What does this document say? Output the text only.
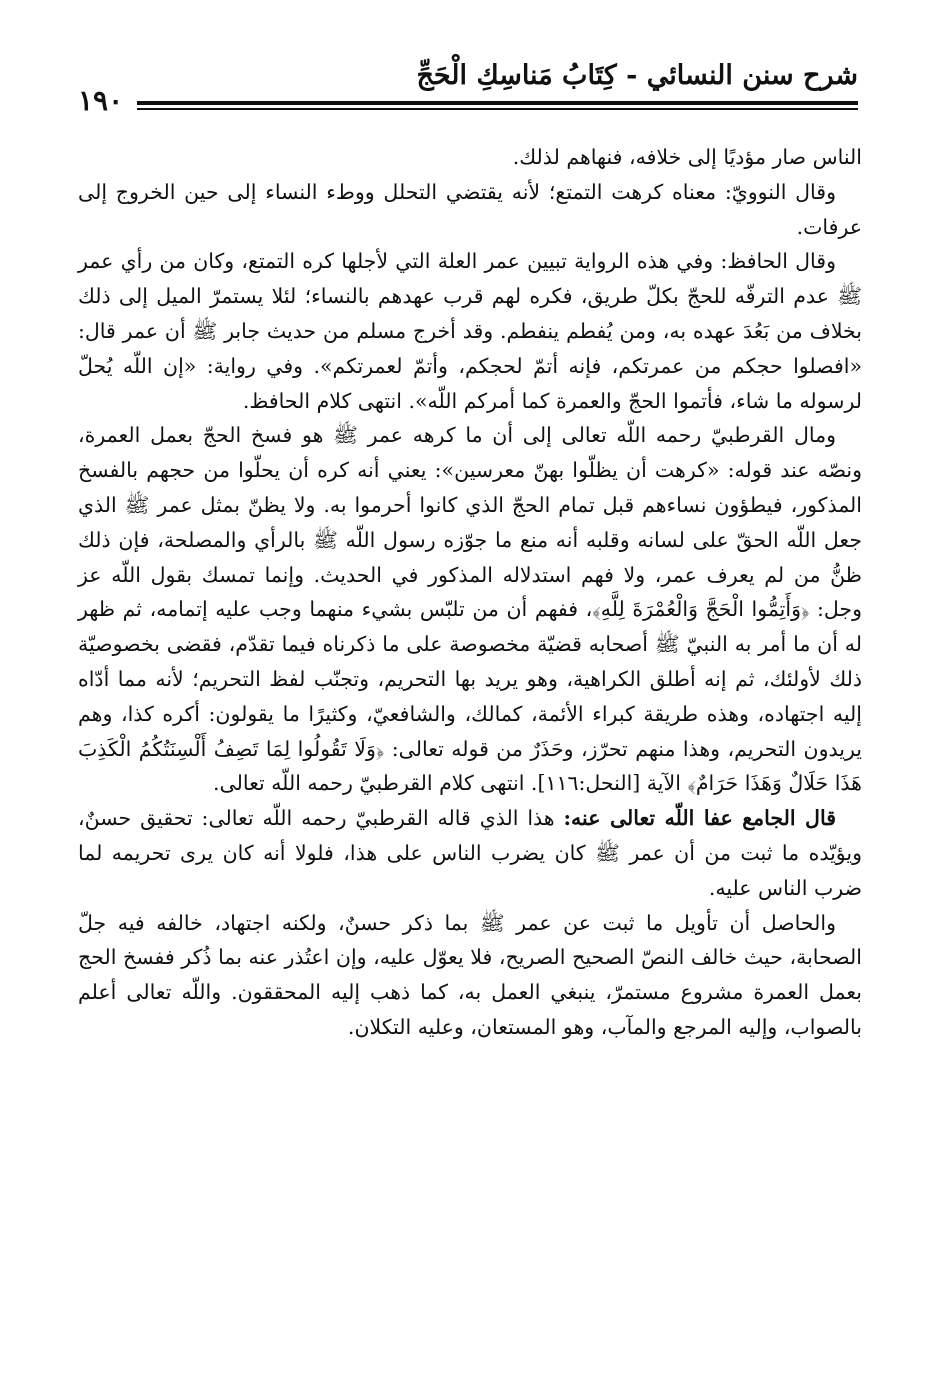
شرح سنن النسائي - كِتَابُ مَناسِكِ الْحَجِّ
١٩٠

الناس صار مؤديًا إلى خلافه، فنهاهم لذلك.

وقال النوويّ: معناه كرهت التمتع؛ لأنه يقتضي التحلل ووطء النساء إلى حين الخروج إلى عرفات.

وقال الحافظ: وفي هذه الرواية تبيين عمر العلة التي لأجلها كره التمتع، وكان من رأي عمر ﷺ عدم الترفّه للحجّ بكلّ طريق، فكره لهم قرب عهدهم بالنساء؛ لئلا يستمرّ الميل إلى ذلك بخلاف من بَعُدَ عهده به، ومن يُفطم ينفطم. وقد أخرج مسلم من حديث جابر ﷺ أن عمر قال: «افصلوا حجكم من عمرتكم، فإنه أتمّ لحجكم، وأتمّ لعمرتكم». وفي رواية: «إن اللّه يُحلّ لرسوله ما شاء، فأتموا الحجّ والعمرة كما أمركم اللّه». انتهى كلام الحافظ.

ومال القرطبيّ رحمه اللّه تعالى إلى أن ما كرهه عمر ﷺ هو فسخ الحجّ بعمل العمرة، ونصّه عند قوله: «كرهت أن يظلّوا بهنّ معرسين»: يعني أنه كره أن يحلّوا من حجهم بالفسخ المذكور، فيطؤون نساءهم قبل تمام الحجّ الذي كانوا أحرموا به. ولا يظنّ بمثل عمر ﷺ الذي جعل اللّه الحقّ على لسانه وقلبه أنه منع ما جوّزه رسول اللّه ﷺ بالرأي والمصلحة، فإن ذلك ظنُّ من لم يعرف عمر، ولا فهم استدلاله المذكور في الحديث. وإنما تمسك بقول اللّه عز وجل: ﴿وَأَتِمُّوا الْحَجَّ وَالْعُمْرَةَ لِلَّهِ﴾، ففهم أن من تلبّس بشيء منهما وجب عليه إتمامه، ثم ظهر له أن ما أمر به النبيّ ﷺ أصحابه قضيّة مخصوصة على ما ذكرناه فيما تقدّم، فقضى بخصوصيّة ذلك لأولئك، ثم إنه أطلق الكراهية، وهو يريد بها التحريم، وتجنّب لفظ التحريم؛ لأنه مما أدّاه إليه اجتهاده، وهذه طريقة كبراء الأئمة، كمالك، والشافعيّ، وكثيرًا ما يقولون: أكره كذا، وهم يريدون التحريم، وهذا منهم تحرّز، وحَذَرٌ من قوله تعالى: ﴿وَلَا تَقُولُوا لِمَا تَصِفُ أَلْسِنَتُكُمُ الْكَذِبَ هَذَا حَلَالٌ وَهَذَا حَرَامٌ﴾ الآية [النحل:١١٦]. انتهى كلام القرطبيّ رحمه اللّه تعالى.

قال الجامع عفا اللّه تعالى عنه: هذا الذي قاله القرطبيّ رحمه اللّه تعالى: تحقيق حسنٌ، ويؤيّده ما ثبت من أن عمر ﷺ كان يضرب الناس على هذا، فلولا أنه كان يرى تحريمه لما ضرب الناس عليه.

والحاصل أن تأويل ما ثبت عن عمر ﷺ بما ذكر حسنٌ، ولكنه اجتهاد، خالفه فيه جلّ الصحابة، حيث خالف النصّ الصحيح الصريح، فلا يعوّل عليه، وإن اعتُذر عنه بما ذُكر ففسخ الحج بعمل العمرة مشروع مستمرّ، ينبغي العمل به، كما ذهب إليه المحققون. واللّه تعالى أعلم بالصواب، وإليه المرجع والمآب، وهو المستعان، وعليه التكلان.
